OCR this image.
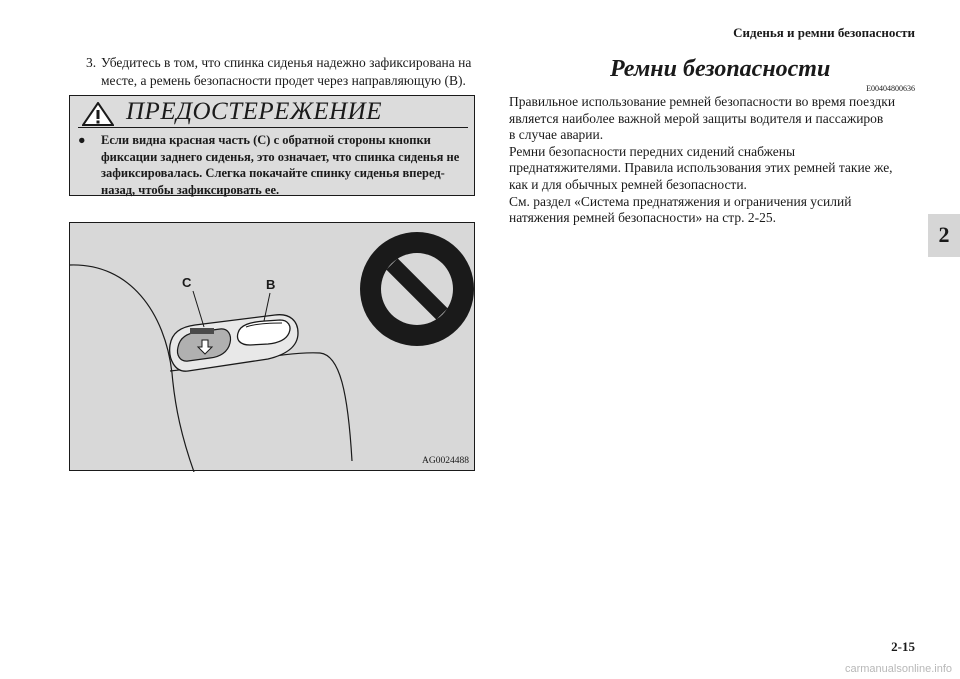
Сиденья и ремни безопасности
3. Убедитесь в том, что спинка сиденья надежно зафиксирована на месте, а ремень безопасности продет через направляющую (B).
ПРЕДОСТЕРЕЖЕНИЕ
●	Если видна красная часть (C) с обратной стороны кнопки фиксации заднего сиденья, это означает, что спинка сиденья не зафиксировалась. Слегка покачайте спинку сиденья вперед-назад, чтобы зафиксировать ее.
C	B
AG0024488
Ремни безопасности
E00404800636
Правильное использование ремней безопасности во время поездки
является наиболее важной мерой защиты водителя и пассажиров
в случае аварии.
Ремни безопасности передних сидений снабжены
преднатяжителями. Правила использования этих ремней такие же,
как и для обычных ремней безопасности.
См. раздел «Система преднатяжения и ограничения усилий
натяжения ремней безопасности» на стр. 2-25.
2
2-15
carmanualsonline.info
